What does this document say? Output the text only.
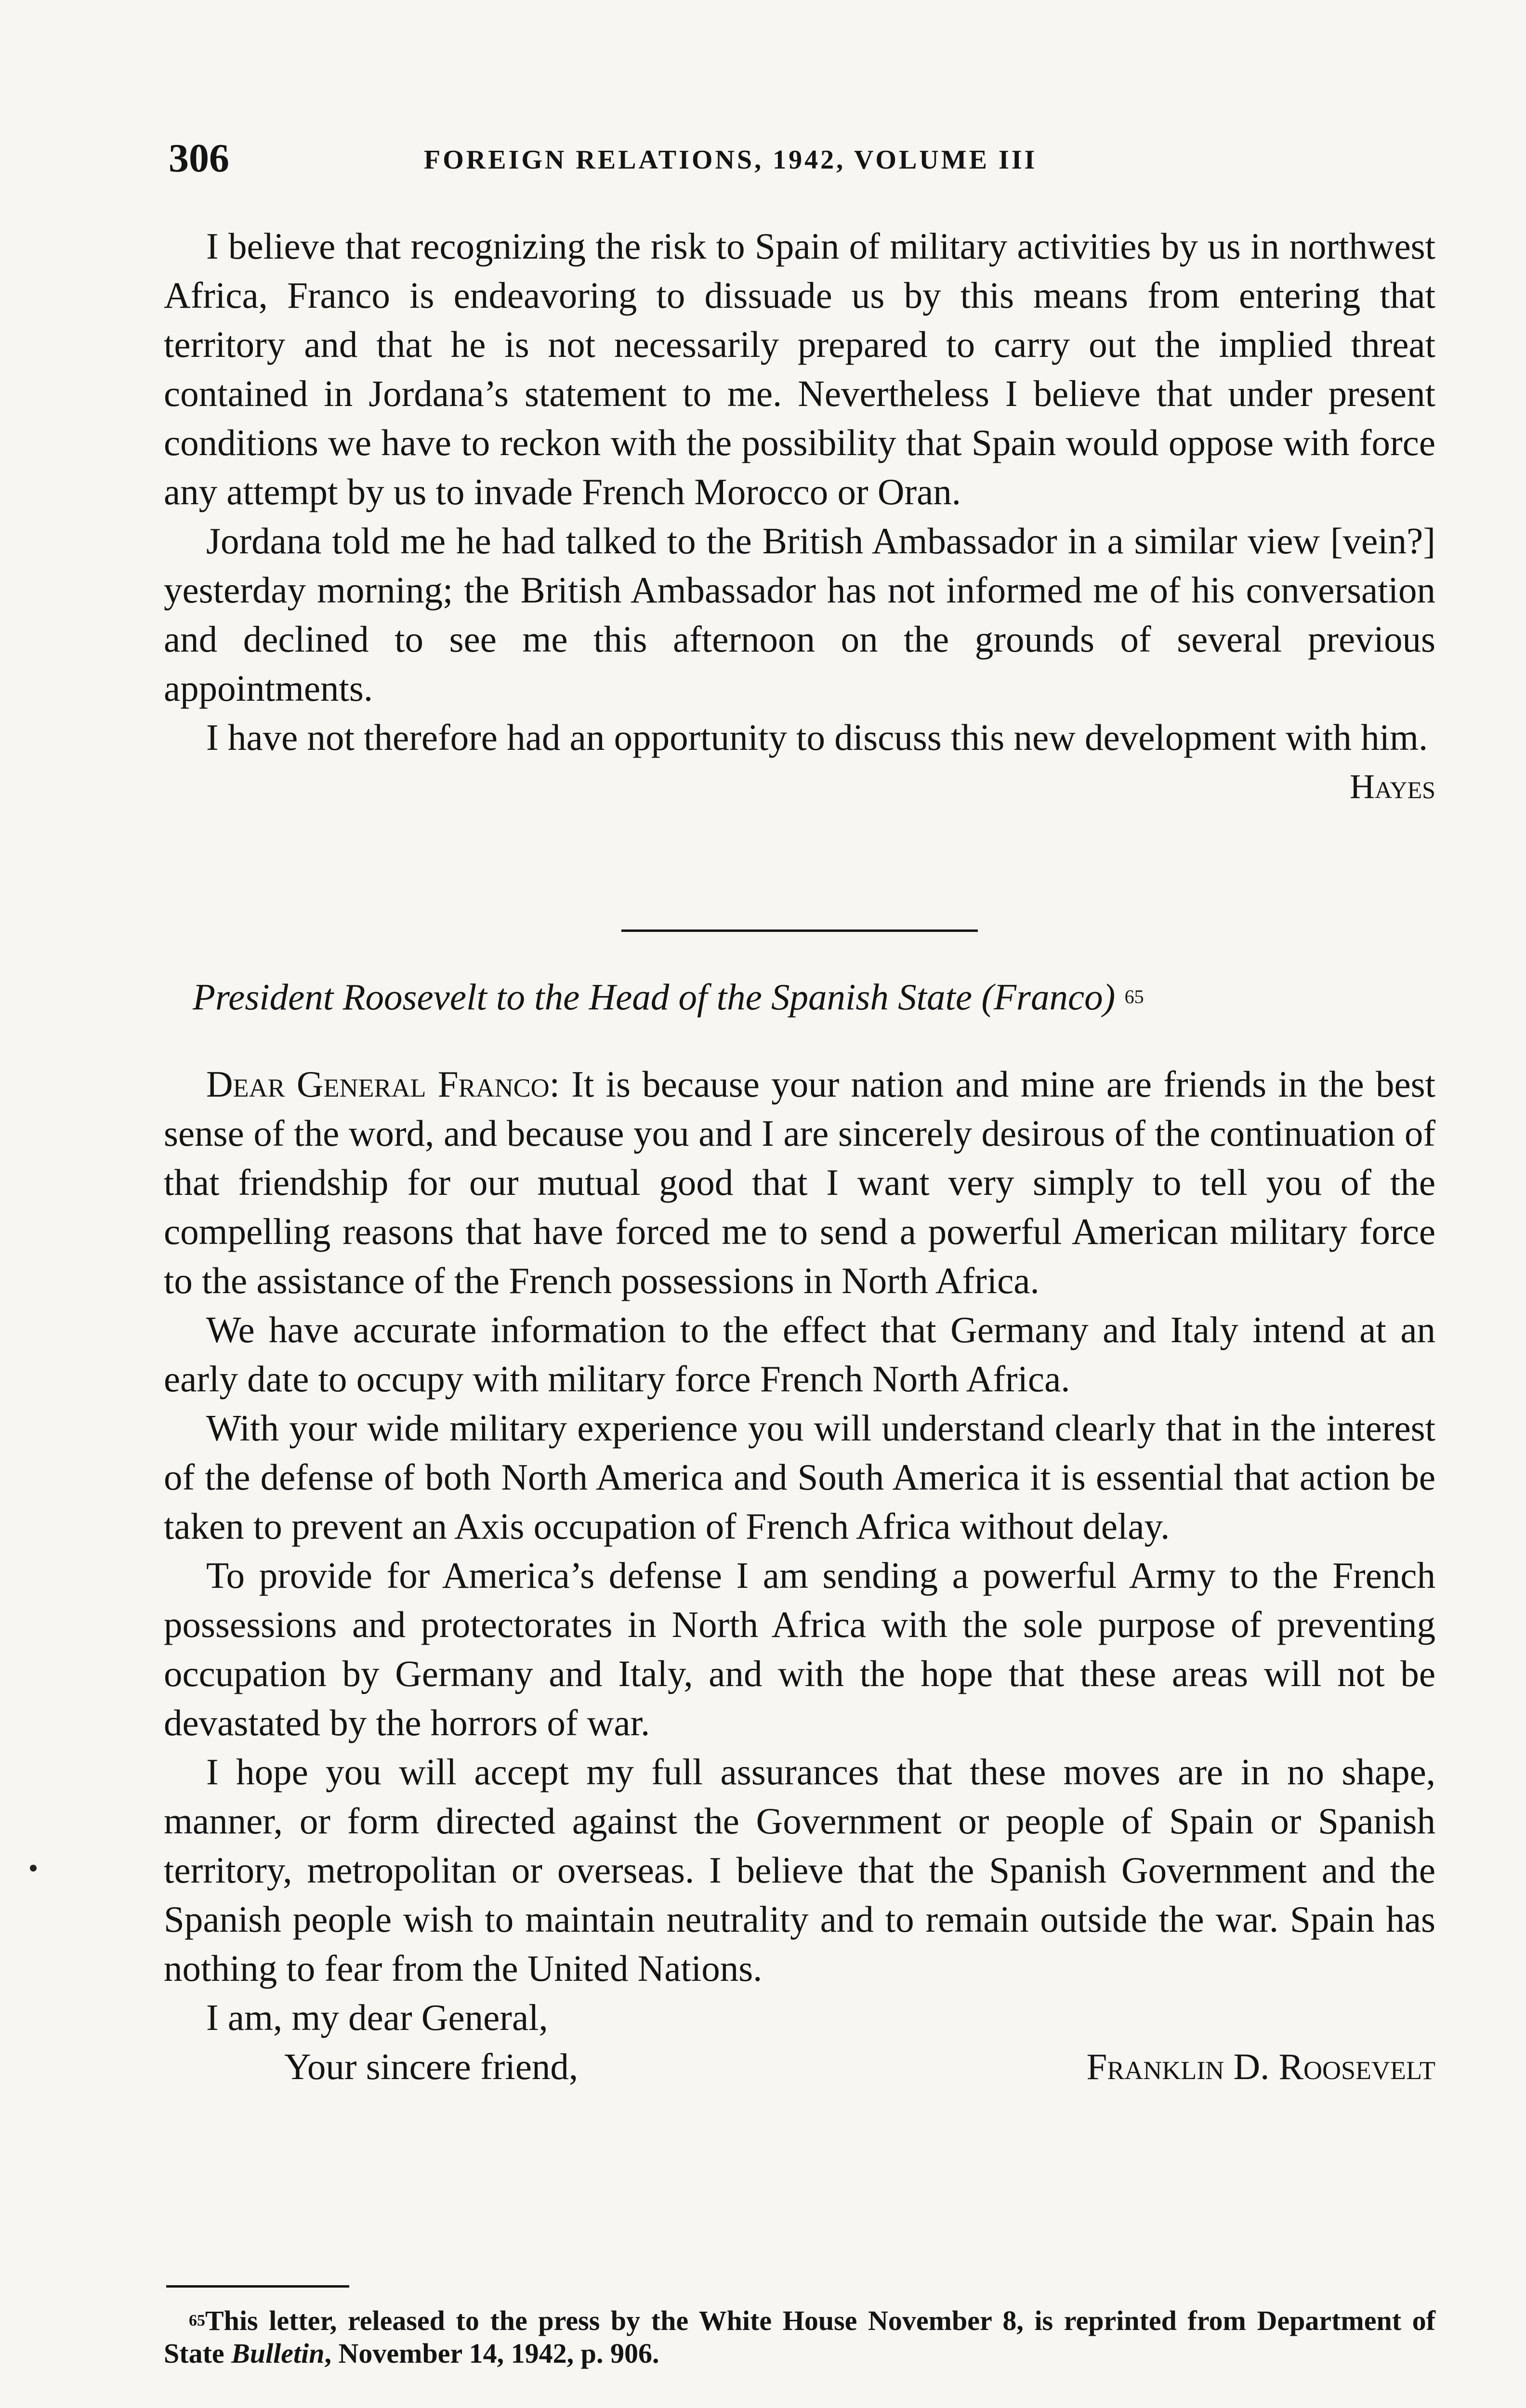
306	FOREIGN RELATIONS, 1942, VOLUME III

I believe that recognizing the risk to Spain of military activities by us in northwest Africa, Franco is endeavoring to dissuade us by this means from entering that territory and that he is not necessarily prepared to carry out the implied threat contained in Jordana’s statement to me. Nevertheless I believe that under present conditions we have to reckon with the possibility that Spain would oppose with force any attempt by us to invade French Morocco or Oran.

Jordana told me he had talked to the British Ambassador in a similar view [vein?] yesterday morning; the British Ambassador has not informed me of his conversation and declined to see me this afternoon on the grounds of several previous appointments.

I have not therefore had an opportunity to discuss this new development with him.

Hayes
President Roosevelt to the Head of the Spanish State (Franco) $^{65}$

Dear General Franco: It is because your nation and mine are friends in the best sense of the word, and because you and I are sincerely desirous of the continuation of that friendship for our mutual good that I want very simply to tell you of the compelling reasons that have forced me to send a powerful American military force to the assistance of the French possessions in North Africa.

We have accurate information to the effect that Germany and Italy intend at an early date to occupy with military force French North Africa.

With your wide military experience you will understand clearly that in the interest of the defense of both North America and South America it is essential that action be taken to prevent an Axis occupation of French Africa without delay.

To provide for America’s defense I am sending a powerful Army to the French possessions and protectorates in North Africa with the sole purpose of preventing occupation by Germany and Italy, and with the hope that these areas will not be devastated by the horrors of war.

I hope you will accept my full assurances that these moves are in no shape, manner, or form directed against the Government or people of Spain or Spanish territory, metropolitan or overseas. I believe that the Spanish Government and the Spanish people wish to maintain neutrality and to remain outside the war. Spain has nothing to fear from the United Nations.

I am, my dear General,
Your sincere friend,	Franklin D. Roosevelt
$^{65}$This letter, released to the press by the White House November 8, is reprinted from Department of State Bulletin, November 14, 1942, p. 906.
